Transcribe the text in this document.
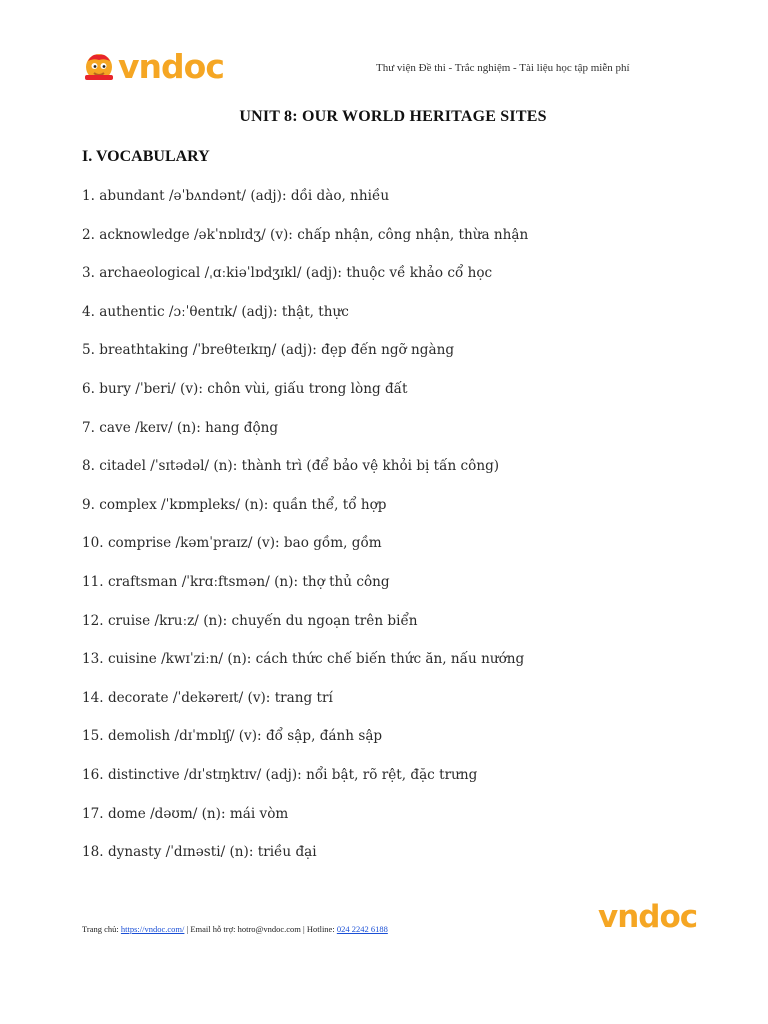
vndoc	Thư viện Đề thi - Trắc nghiệm - Tài liệu học tập miễn phí
UNIT 8: OUR WORLD HERITAGE SITES
I. VOCABULARY
1. abundant /əˈbʌndənt/ (adj): dồi dào, nhiều
2. acknowledge /əkˈnɒlɪdʒ/ (v): chấp nhận, công nhận, thừa nhận
3. archaeological /ˌɑːkiəˈlɒdʒɪkl/ (adj): thuộc về khảo cổ học
4. authentic /ɔːˈθentɪk/ (adj): thật, thực
5. breathtaking /ˈbreθteɪkɪŋ/ (adj): đẹp đến ngỡ ngàng
6. bury /ˈberi/ (v): chôn vùi, giấu trong lòng đất
7. cave /keɪv/ (n): hang động
8. citadel /ˈsɪtədəl/ (n): thành trì (để bảo vệ khỏi bị tấn công)
9. complex /ˈkɒmpleks/ (n): quần thể, tổ hợp
10. comprise /kəmˈpraɪz/ (v): bao gồm, gồm
11. craftsman /ˈkrɑːftsmən/ (n): thợ thủ công
12. cruise /kruːz/ (n): chuyến du ngoạn trên biển
13. cuisine /kwɪˈziːn/ (n): cách thức chế biến thức ăn, nấu nướng
14. decorate /ˈdekəreɪt/ (v): trang trí
15. demolish /dɪˈmɒlɪʃ/ (v): đổ sập, đánh sập
16. distinctive /dɪˈstɪŋktɪv/ (adj): nổi bật, rõ rệt, đặc trưng
17. dome /dəʊm/ (n): mái vòm
18. dynasty /ˈdɪnəsti/ (n): triều đại
Trang chủ: https://vndoc.com/ | Email hỗ trợ: hotro@vndoc.com | Hotline: 024 2242 6188	vndoc
